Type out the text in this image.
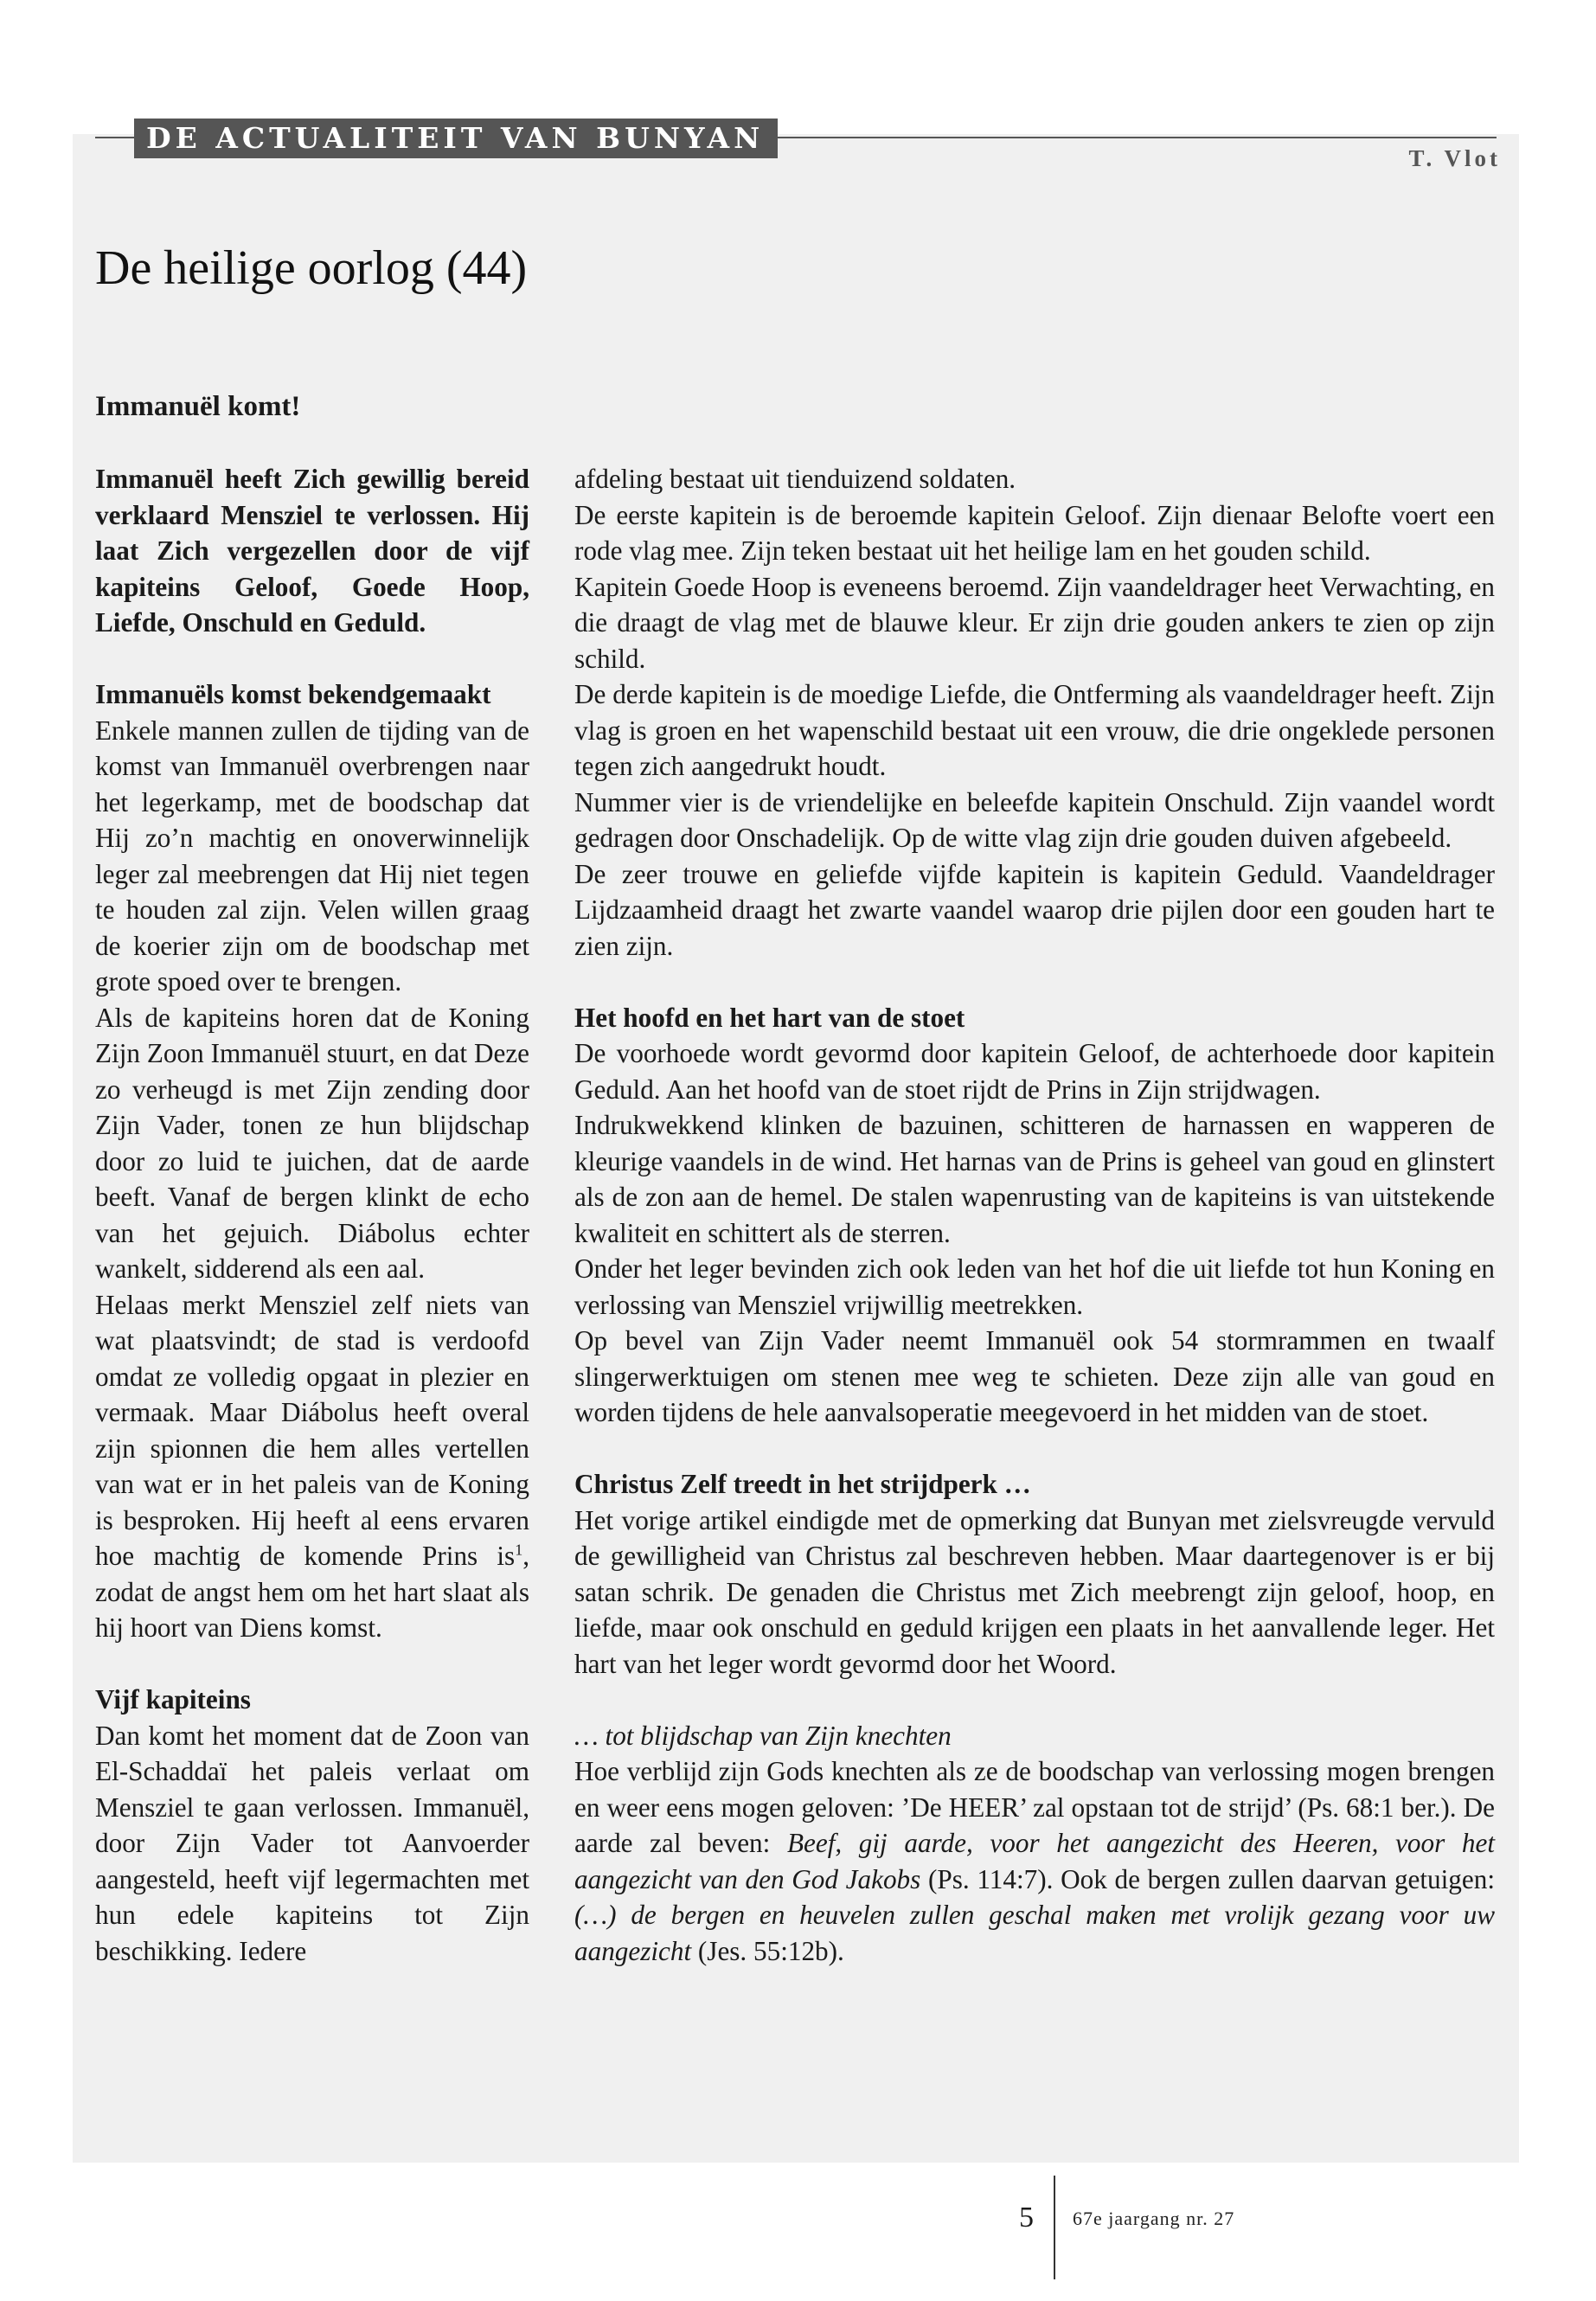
DE ACTUALITEIT VAN BUNYAN
T. Vlot
De heilige oorlog (44)
Immanuël komt!

Immanuël heeft Zich gewillig bereid verklaard Mensziel te verlossen. Hij laat Zich vergezellen door de vijf kapiteins Geloof, Goede Hoop, Liefde, Onschuld en Geduld.

Immanuëls komst bekendgemaakt

Enkele mannen zullen de tijding van de komst van Immanuël overbrengen naar het legerkamp, met de boodschap dat Hij zo’n machtig en onoverwinnelijk leger zal meebrengen dat Hij niet tegen te houden zal zijn. Velen willen graag de koerier zijn om de boodschap met grote spoed over te brengen.

Als de kapiteins horen dat de Koning Zijn Zoon Immanuël stuurt, en dat Deze zo verheugd is met Zijn zending door Zijn Vader, tonen ze hun blijdschap door zo luid te juichen, dat de aarde beeft. Vanaf de bergen klinkt de echo van het gejuich. Diábolus echter wankelt, sidderend als een aal.

Helaas merkt Mensziel zelf niets van wat plaatsvindt; de stad is verdoofd omdat ze volledig opgaat in plezier en vermaak. Maar Diábolus heeft overal zijn spionnen die hem alles vertellen van wat er in het paleis van de Koning is besproken. Hij heeft al eens ervaren hoe machtig de komende Prins $is^1$, zodat de angst hem om het hart slaat als hij hoort van Diens komst.

Vijf kapiteins

Dan komt het moment dat de Zoon van El-Schaddaï het paleis verlaat om Mensziel te gaan verlossen. Immanuël, door Zijn Vader tot Aanvoerder aangesteld, heeft vijf legermachten met hun edele kapiteins tot Zijn beschikking. Iedere

afdeling bestaat uit tienduizend soldaten.

De eerste kapitein is de beroemde kapitein Geloof. Zijn dienaar Belofte voert een rode vlag mee. Zijn teken bestaat uit het heilige lam en het gouden schild.

Kapitein Goede Hoop is eveneens beroemd. Zijn vaandeldrager heet Verwachting, en die draagt de vlag met de blauwe kleur. Er zijn drie gouden ankers te zien op zijn schild.

De derde kapitein is de moedige Liefde, die Ontferming als vaandeldrager heeft. Zijn vlag is groen en het wapenschild bestaat uit een vrouw, die drie ongeklede personen tegen zich aangedrukt houdt.

Nummer vier is de vriendelijke en beleefde kapitein Onschuld. Zijn vaandel wordt gedragen door Onschadelijk. Op de witte vlag zijn drie gouden duiven afgebeeld.

De zeer trouwe en geliefde vijfde kapitein is kapitein Geduld. Vaandeldrager Lijdzaamheid draagt het zwarte vaandel waarop drie pijlen door een gouden hart te zien zijn.

Het hoofd en het hart van de stoet

De voorhoede wordt gevormd door kapitein Geloof, de achterhoede door kapitein Geduld. Aan het hoofd van de stoet rijdt de Prins in Zijn strijdwagen.

Indrukwekkend klinken de bazuinen, schitteren de harnassen en wapperen de kleurige vaandels in de wind. Het harnas van de Prins is geheel van goud en glinstert als de zon aan de hemel. De stalen wapenrusting van de kapiteins is van uitstekende kwaliteit en schittert als de sterren.

Onder het leger bevinden zich ook leden van het hof die uit liefde tot hun Koning en verlossing van Mensziel vrijwillig meetrekken.

Op bevel van Zijn Vader neemt Immanuël ook 54 stormrammen en twaalf slingerwerktuigen om stenen mee weg te schieten. Deze zijn alle van goud en worden tijdens de hele aanvalsoperatie meegevoerd in het midden van de stoet.

Christus Zelf treedt in het strijdperk …

Het vorige artikel eindigde met de opmerking dat Bunyan met zielsvreugde vervuld de gewilligheid van Christus zal beschreven hebben. Maar daartegenover is er bij satan schrik. De genaden die Christus met Zich meebrengt zijn geloof, hoop, en liefde, maar ook onschuld en geduld krijgen een plaats in het aanvallende leger. Het hart van het leger wordt gevormd door het Woord.

… tot blijdschap van Zijn knechten

Hoe verblijd zijn Gods knechten als ze de boodschap van verlossing mogen brengen en weer eens mogen geloven: ’De HEER’ zal opstaan tot de strijd’ (Ps. 68:1 ber.). De aarde zal beven: Beef, gij aarde, voor het aangezicht des Heeren, voor het aangezicht van den God Jakobs (Ps. 114:7). Ook de bergen zullen daarvan getuigen: (…) de bergen en heuvelen zullen geschal maken met vrolijk gezang voor uw aangezicht (Jes. 55:12b).

5 67e jaargang nr. 27
